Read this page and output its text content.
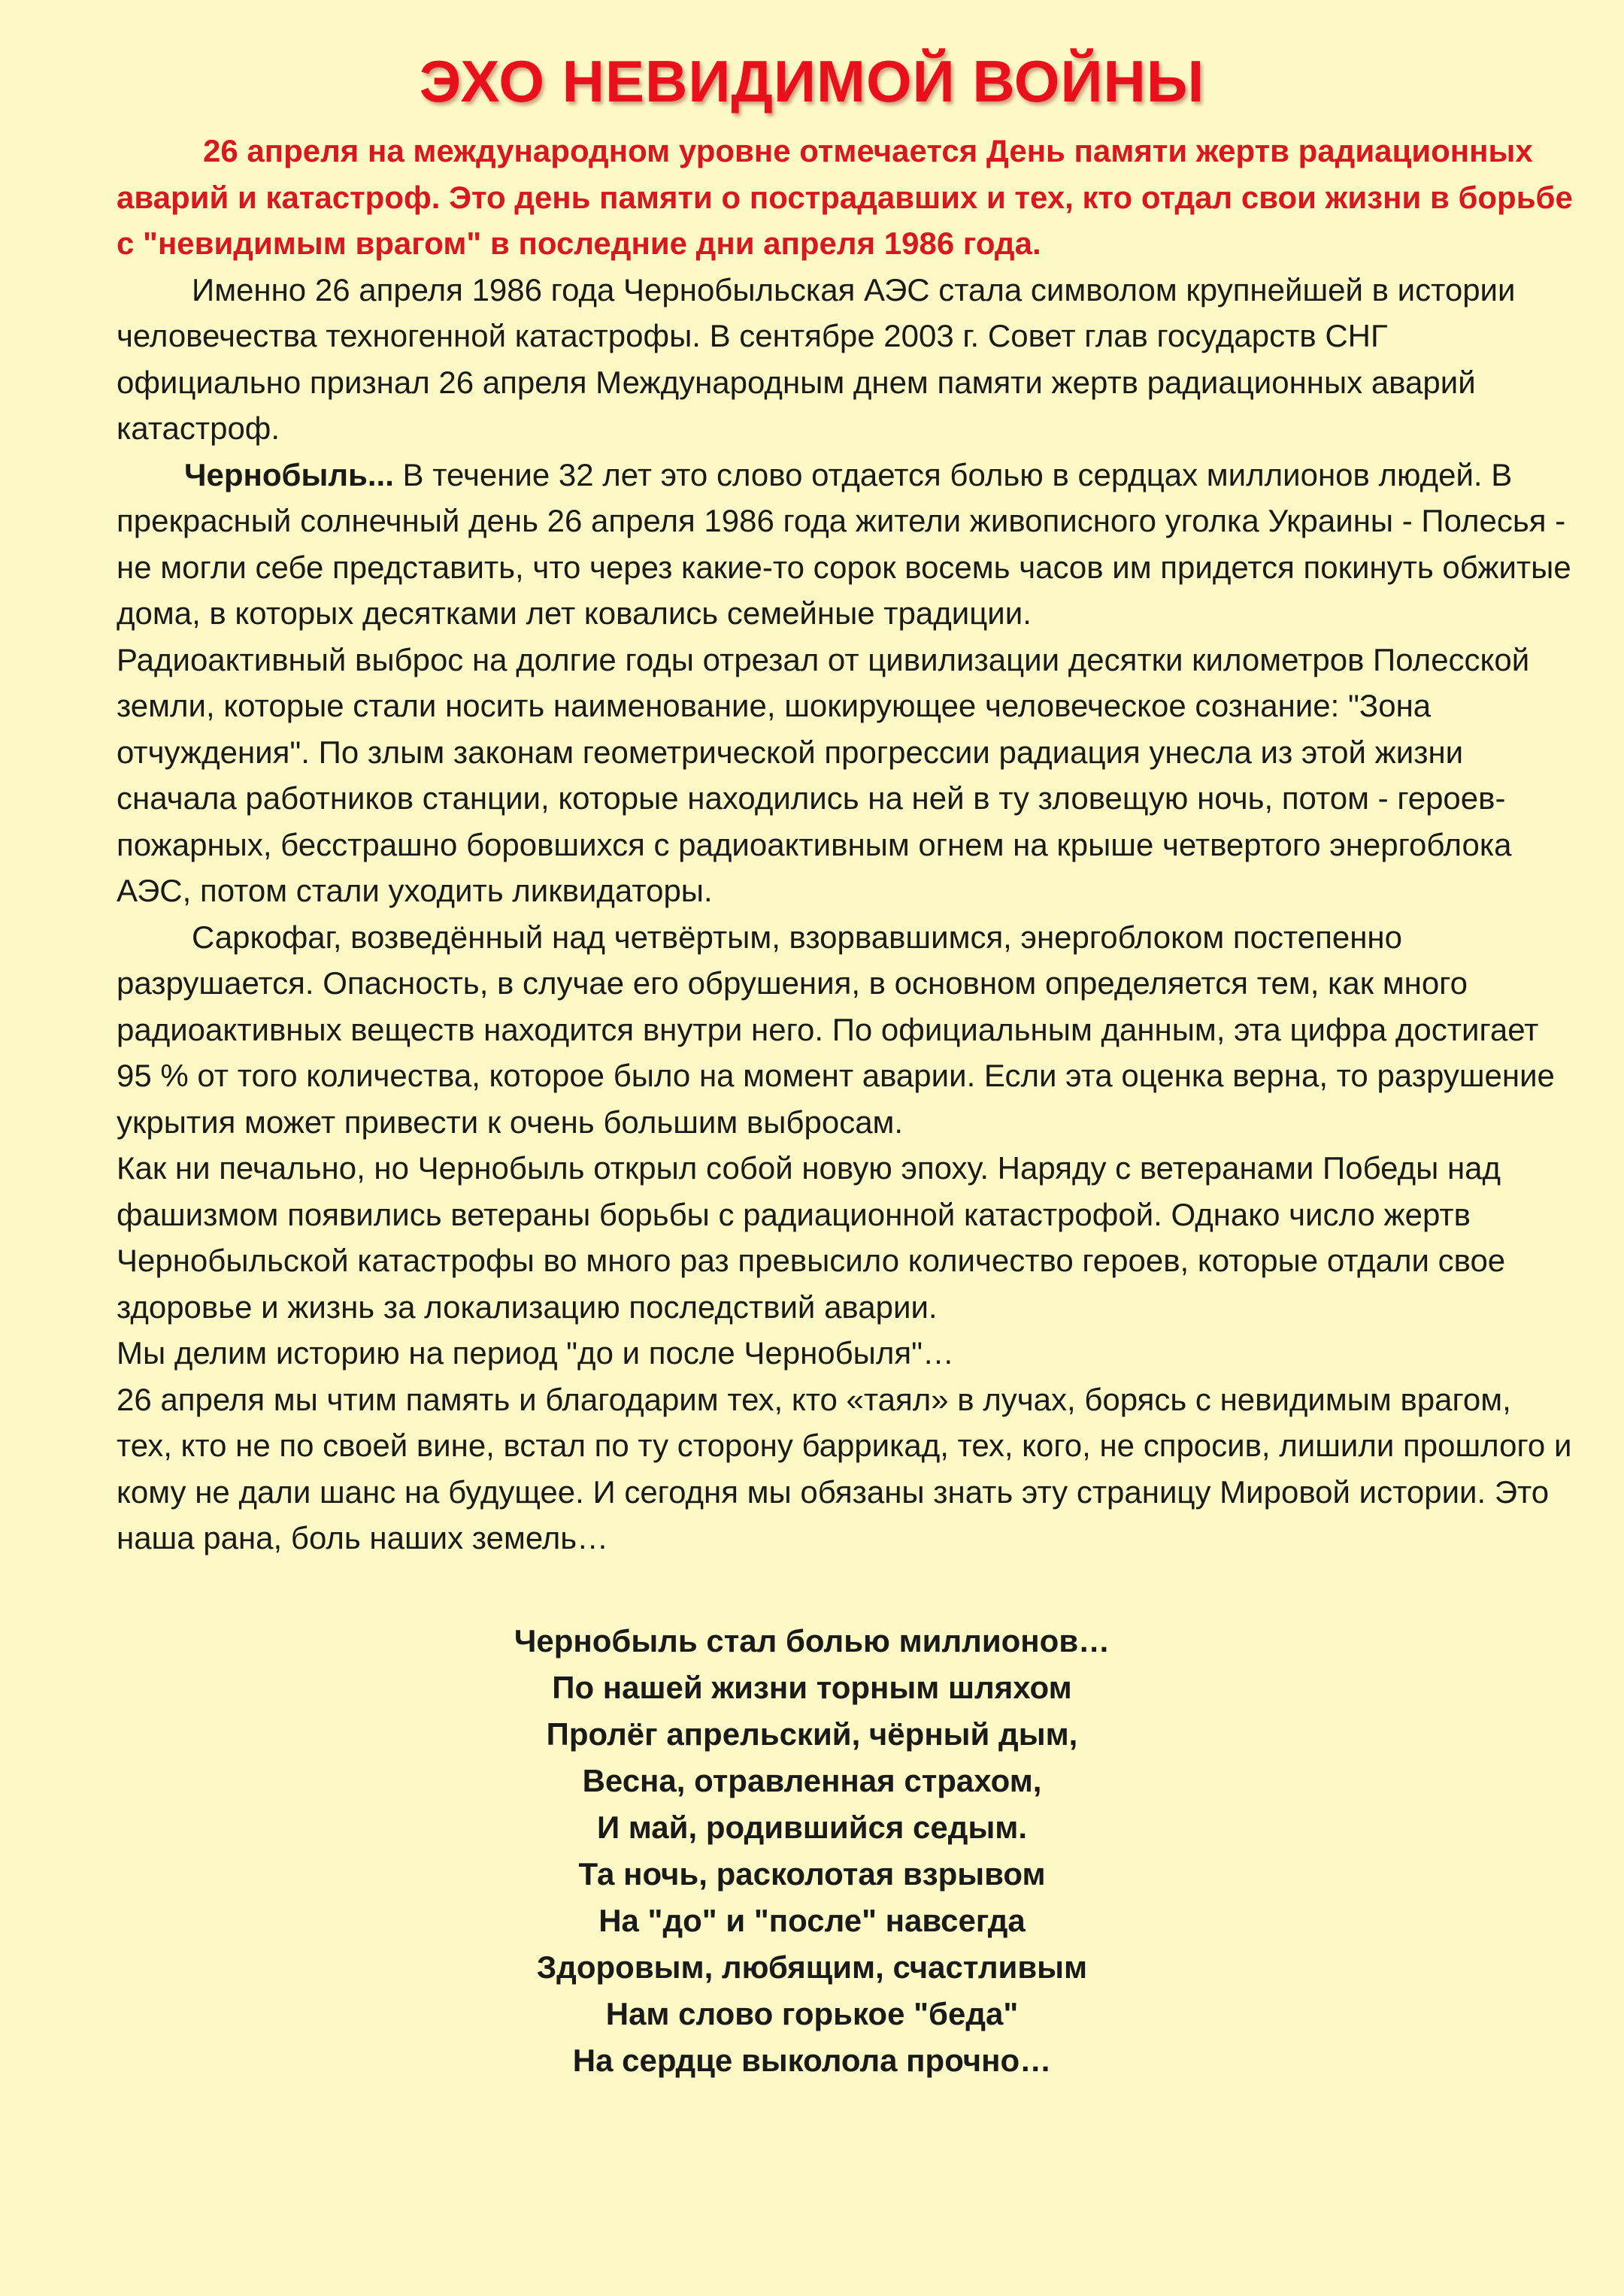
ЭХО НЕВИДИМОЙ ВОЙНЫ

26 апреля на международном уровне отмечается День памяти жертв радиационных аварий и катастроф. Это день памяти о пострадавших и тех, кто отдал свои жизни в борьбе с "невидимым врагом" в последние дни апреля 1986 года.

Именно 26 апреля 1986 года Чернобыльская АЭС стала символом крупнейшей в истории человечества техногенной катастрофы. В сентябре 2003 г. Совет глав государств СНГ официально признал 26 апреля Международным днем памяти жертв радиационных аварий катастроф.

Чернобыль... В течение 32 лет это слово отдается болью в сердцах миллионов людей. В прекрасный солнечный день 26 апреля 1986 года жители живописного уголка Украины - Полесья - не могли себе представить, что через какие-то сорок восемь часов им придется покинуть обжитые дома, в которых десятками лет ковались семейные традиции.

Радиоактивный выброс на долгие годы отрезал от цивилизации десятки километров Полесской земли, которые стали носить наименование, шокирующее человеческое сознание: "Зона отчуждения". По злым законам геометрической прогрессии радиация унесла из этой жизни сначала работников станции, которые находились на ней в ту зловещую ночь, потом - героев-пожарных, бесстрашно боровшихся с радиоактивным огнем на крыше четвертого энергоблока АЭС, потом стали уходить ликвидаторы.

Саркофаг, возведённый над четвёртым, взорвавшимся, энергоблоком постепенно разрушается. Опасность, в случае его обрушения, в основном определяется тем, как много радиоактивных веществ находится внутри него. По официальным данным, эта цифра достигает 95 % от того количества, которое было на момент аварии. Если эта оценка верна, то разрушение укрытия может привести к очень большим выбросам.

Как ни печально, но Чернобыль открыл собой новую эпоху. Наряду с ветеранами Победы над фашизмом появились ветераны борьбы с радиационной катастрофой. Однако число жертв Чернобыльской катастрофы во много раз превысило количество героев, которые отдали свое здоровье и жизнь за локализацию последствий аварии.

Мы делим историю на период "до и после Чернобыля"…

26 апреля мы чтим память и благодарим тех, кто «таял» в лучах, борясь с невидимым врагом, тех, кто не по своей вине, встал по ту сторону баррикад, тех, кого, не спросив, лишили прошлого и кому не дали шанс на будущее. И сегодня мы обязаны знать эту страницу Мировой истории. Это наша рана, боль наших земель…

Чернобыль стал болью миллионов…
По нашей жизни торным шляхом
Пролёг апрельский, чёрный дым,
Весна, отравленная страхом,
И май, родившийся седым.
Та ночь, расколотая взрывом
На "до" и "после" навсегда
Здоровым, любящим, счастливым
Нам слово горькое "беда"
На сердце выколола прочно…
